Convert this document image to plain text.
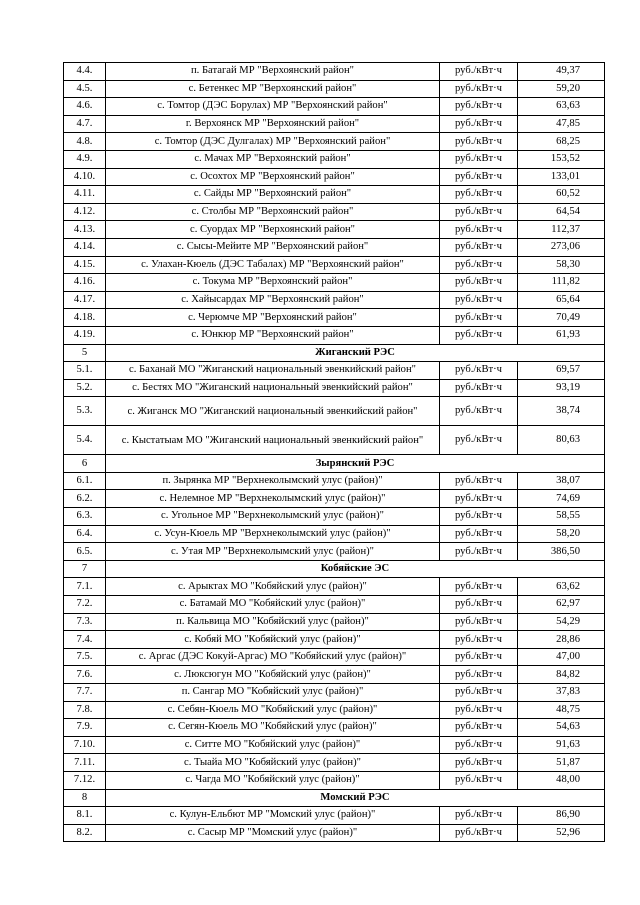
4.4.	п. Батагай МР "Верхоянский район"	руб./кВт·ч	49,37
4.5.	с. Бетенкес МР "Верхоянский район"	руб./кВт·ч	59,20
4.6.	с. Томтор (ДЭС Борулах) МР "Верхоянский район"	руб./кВт·ч	63,63
4.7.	г. Верхоянск МР "Верхоянский район"	руб./кВт·ч	47,85
4.8.	с. Томтор (ДЭС Дулгалах) МР "Верхоянский район"	руб./кВт·ч	68,25
4.9.	с. Мачах МР "Верхоянский район"	руб./кВт·ч	153,52
4.10.	с. Осохтох МР "Верхоянский район"	руб./кВт·ч	133,01
4.11.	с. Сайды МР "Верхоянский район"	руб./кВт·ч	60,52
4.12.	с. Столбы МР "Верхоянский район"	руб./кВт·ч	64,54
4.13.	с. Суордах МР "Верхоянский район"	руб./кВт·ч	112,37
4.14.	с. Сысы-Мейите МР "Верхоянский район"	руб./кВт·ч	273,06
4.15.	с. Улахан-Кюель (ДЭС Табалах) МР "Верхоянский район"	руб./кВт·ч	58,30
4.16.	с. Токума МР "Верхоянский район"	руб./кВт·ч	111,82
4.17.	с. Хайысардах МР "Верхоянский район"	руб./кВт·ч	65,64
4.18.	с. Черюмче МР "Верхоянский район"	руб./кВт·ч	70,49
4.19.	с. Юнкюр МР "Верхоянский район"	руб./кВт·ч	61,93
5	Жиганский РЭС		
5.1.	с. Баханай МО "Жиганский национальный эвенкийский район"	руб./кВт·ч	69,57
5.2.	с. Бестях МО "Жиганский национальный эвенкийский район"	руб./кВт·ч	93,19
5.3.	с. Жиганск МО "Жиганский национальный эвенкийский район"	руб./кВт·ч	38,74
5.4.	с. Кыстатыам МО "Жиганский национальный эвенкийский район"	руб./кВт·ч	80,63
6	Зырянский РЭС		
6.1.	п. Зырянка МР "Верхнеколымский улус (район)"	руб./кВт·ч	38,07
6.2.	с. Нелемное МР "Верхнеколымский улус (район)"	руб./кВт·ч	74,69
6.3.	с. Угольное МР "Верхнеколымский улус (район)"	руб./кВт·ч	58,55
6.4.	с. Усун-Кюель МР "Верхнеколымский улус (район)"	руб./кВт·ч	58,20
6.5.	с. Утая МР "Верхнеколымский улус (район)"	руб./кВт·ч	386,50
7	Кобяйские ЭС		
7.1.	с. Арыктах МО "Кобяйский улус (район)"	руб./кВт·ч	63,62
7.2.	с. Батамай МО "Кобяйский улус (район)"	руб./кВт·ч	62,97
7.3.	п. Кальвица МО "Кобяйский улус (район)"	руб./кВт·ч	54,29
7.4.	с. Кобяй МО "Кобяйский улус (район)"	руб./кВт·ч	28,86
7.5.	с. Аргас (ДЭС Кокуй-Аргас) МО "Кобяйский улус (район)"	руб./кВт·ч	47,00
7.6.	с. Люксюгун МО "Кобяйский улус (район)"	руб./кВт·ч	84,82
7.7.	п. Сангар МО "Кобяйский улус (район)"	руб./кВт·ч	37,83
7.8.	с. Себян-Кюель МО "Кобяйский улус (район)"	руб./кВт·ч	48,75
7.9.	с. Сегян-Кюель МО "Кобяйский улус (район)"	руб./кВт·ч	54,63
7.10.	с. Ситте МО "Кобяйский улус (район)"	руб./кВт·ч	91,63
7.11.	с. Тыайа МО "Кобяйский улус (район)"	руб./кВт·ч	51,87
7.12.	с. Чагда МО "Кобяйский улус (район)"	руб./кВт·ч	48,00
8	Момский РЭС		
8.1.	с. Кулун-Ельбют МР "Момский улус (район)"	руб./кВт·ч	86,90
8.2.	с. Сасыр МР "Момский улус (район)"	руб./кВт·ч	52,96
